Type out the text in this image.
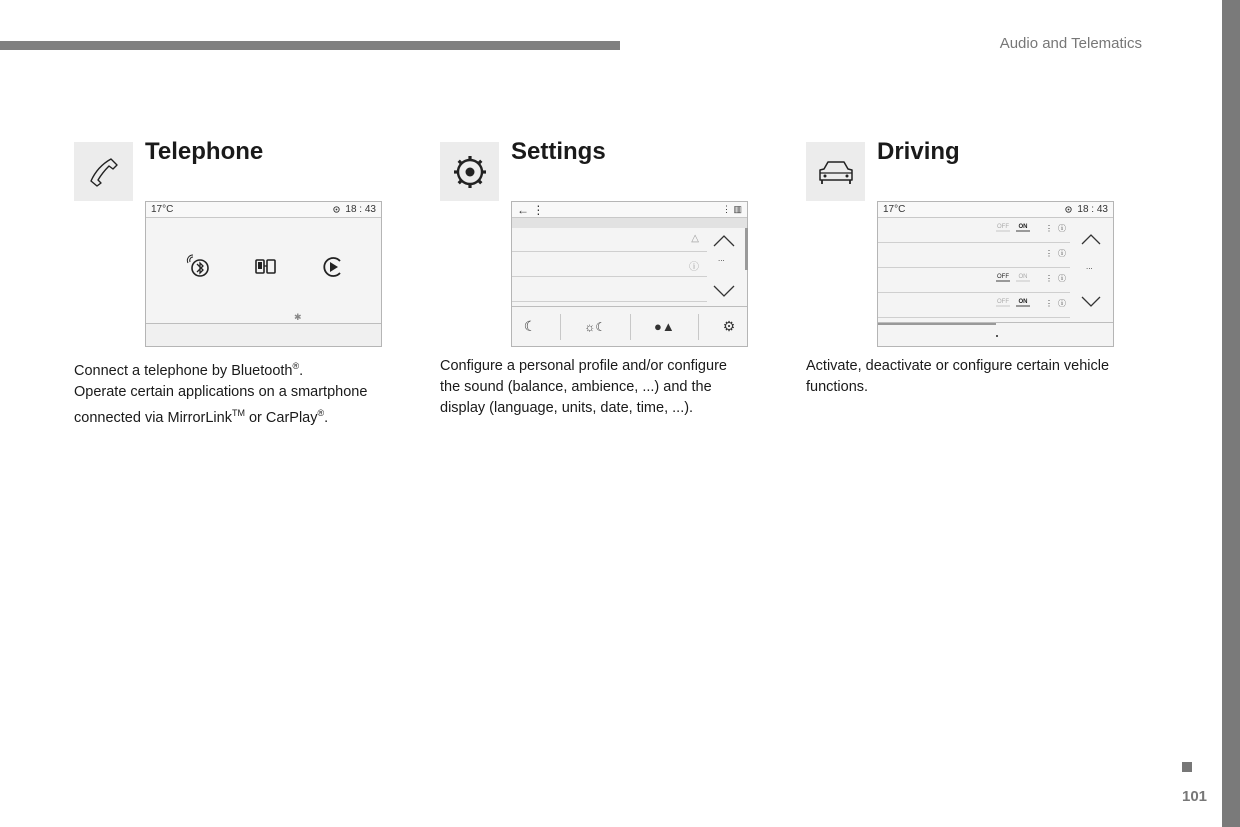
Audio and Telematics
101
Telephone
17°C	18 : 43
✱
Connect a telephone by Bluetooth®.
Operate certain applications on a smartphone
connected via MirrorLink™ or CarPlay®.
Settings
← ⋮	⋮ ▥
△
ⓘ
...
☾	☼☾	●▲	⚙
Configure a personal profile and/or configure
the sound (balance, ambience, ...) and the
display (language, units, date, time, ...).
Driving
17°C	18 : 43
OFF	ON	⋮ ⓘ
⋮ ⓘ
OFF	ON	⋮ ⓘ
OFF	ON	⋮ ⓘ
...
Activate, deactivate or configure certain vehicle
functions.
